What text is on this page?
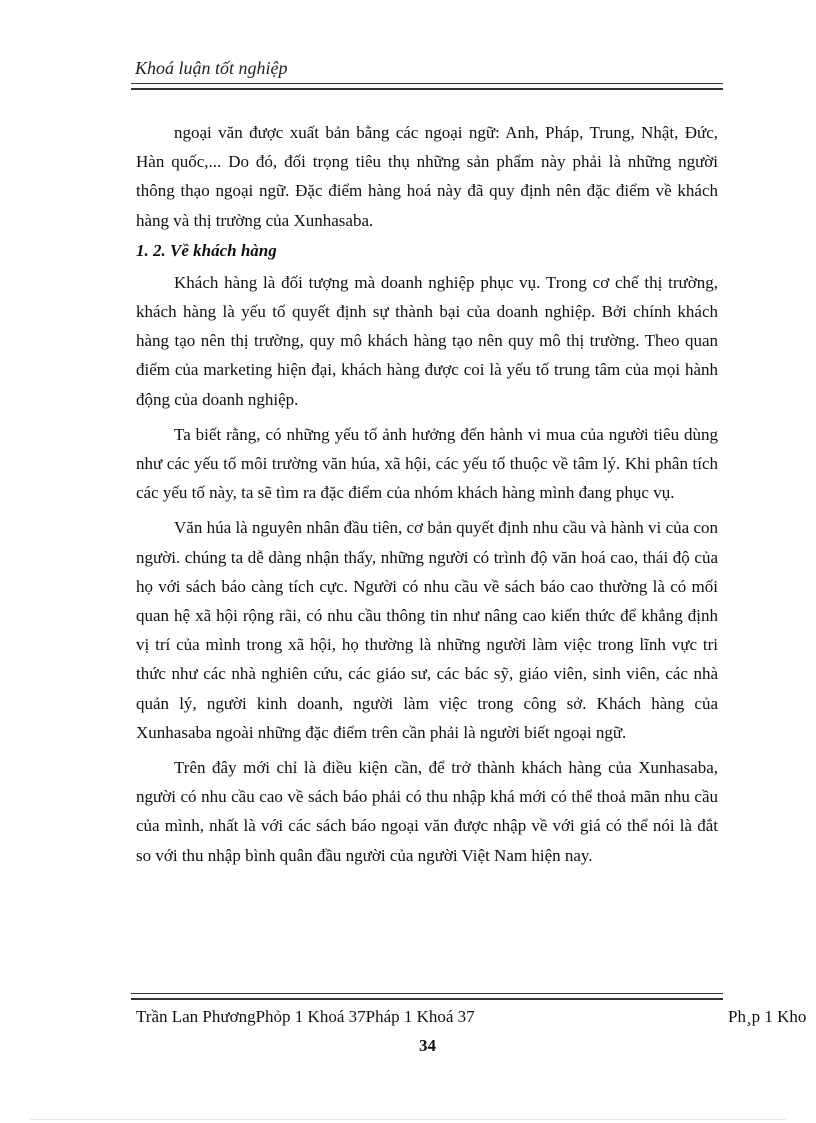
Khoá luận tốt nghiệp

ngoại văn được xuất bản bằng các ngoại ngữ: Anh, Pháp, Trung, Nhật, Đức, Hàn quốc,... Do đó, đối trọng tiêu thụ những sản phẩm này phải là những người thông thạo ngoại ngữ. Đặc điểm hàng hoá này đã quy định nên đặc điểm về khách hàng và thị trường của Xunhasaba.

1. 2. Về khách hàng

Khách hàng là đối tượng mà doanh nghiệp phục vụ. Trong cơ chế thị trường, khách hàng là yếu tố quyết định sự thành bại của doanh nghiệp. Bởi chính khách hàng tạo nên thị trường, quy mô khách hàng tạo nên quy mô thị trường. Theo quan điểm của marketing hiện đại, khách hàng được coi là yếu tố trung tâm của mọi hành động của doanh nghiệp.

Ta biết rằng, có những yếu tố ảnh hưởng đến hành vi mua của người tiêu dùng như các yếu tố môi trường văn húa, xã hội, các yếu tố thuộc về tâm lý. Khi phân tích các yếu tố này, ta sẽ tìm ra đặc điểm của nhóm khách hàng mình đang phục vụ.

Văn húa là nguyên nhân đầu tiên, cơ bản quyết định nhu cầu và hành vi của con người. chúng ta dễ dàng nhận thấy, những người có trình độ văn hoá cao, thái độ của họ với sách báo càng tích cực. Người có nhu cầu về sách báo cao thường là có mối quan hệ xã hội rộng rãi, có nhu cầu thông tin như nâng cao kiến thức để khẳng định vị trí của mình trong xã hội, họ thường là những người làm việc trong lĩnh vực tri thức như các nhà nghiên cứu, các giáo sư, các bác sỹ, giáo viên, sinh viên, các nhà quản lý, người kinh doanh, người làm việc trong công sở. Khách hàng của Xunhasaba ngoài những đặc điểm trên cần phải là người biết ngoại ngữ.

Trên đây mới chỉ là điều kiện cần, để trở thành khách hàng của Xunhasaba, người có nhu cầu cao về sách báo phải có thu nhập khá mới có thể thoả mãn nhu cầu của mình, nhất là với các sách báo ngoại văn được nhập về với giá có thể nói là đắt so với thu nhập bình quân đầu người của người Việt Nam hiện nay.

Trần Lan PhươngPhỏp 1 Khoá 37Pháp 1 Khoá 37	Ph¸p 1 Kho
34
